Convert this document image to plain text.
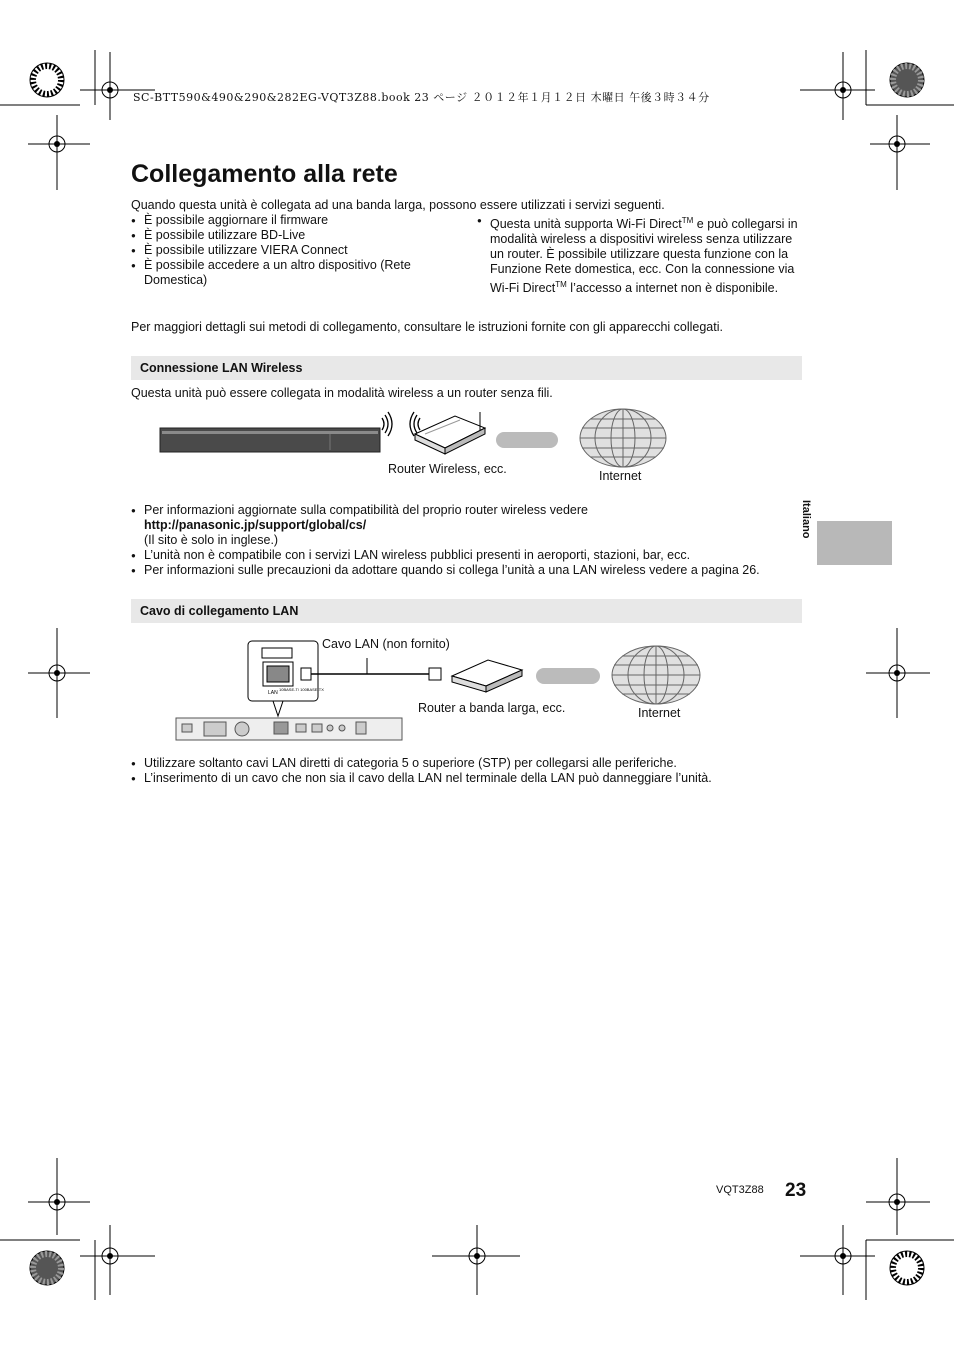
SC-BTT590&490&290&282EG-VQT3Z88.book 23 ページ ２０１２年１月１２日 木曜日 午後３時３４分
Collegamento alla rete
Quando questa unità è collegata ad una banda larga, possono essere utilizzati i servizi seguenti.
● È possibile aggiornare il firmware
● È possibile utilizzare BD-Live
● È possibile utilizzare VIERA Connect
● È possibile accedere a un altro dispositivo (Rete Domestica)
● Questa unità supporta Wi-Fi Direct™ e può collegarsi in modalità wireless a dispositivi wireless senza utilizzare un router. È possibile utilizzare questa funzione con la Funzione Rete domestica, ecc. Con la connessione via Wi-Fi Direct™ l’accesso a internet non è disponibile.
Per maggiori dettagli sui metodi di collegamento, consultare le istruzioni fornite con gli apparecchi collegati.
Connessione LAN Wireless
Questa unità può essere collegata in modalità wireless a un router senza fili.
Router Wireless, ecc.	Internet
● Per informazioni aggiornate sulla compatibilità del proprio router wireless vedere
http://panasonic.jp/support/global/cs/
(Il sito è solo in inglese.)
● L’unità non è compatibile con i servizi LAN wireless pubblici presenti in aeroporti, stazioni, bar, ecc.
● Per informazioni sulle precauzioni da adottare quando si collega l’unità a una LAN wireless vedere a pagina 26.
Cavo di collegamento LAN
Cavo LAN (non fornito)
LAN
10BASE-T/ 100BASE-TX
Router a banda larga, ecc.	Internet
● Utilizzare soltanto cavi LAN diretti di categoria 5 o superiore (STP) per collegarsi alle periferiche.
● L’inserimento di un cavo che non sia il cavo della LAN nel terminale della LAN può danneggiare l’unità.
Italiano
VQT3Z88 23
